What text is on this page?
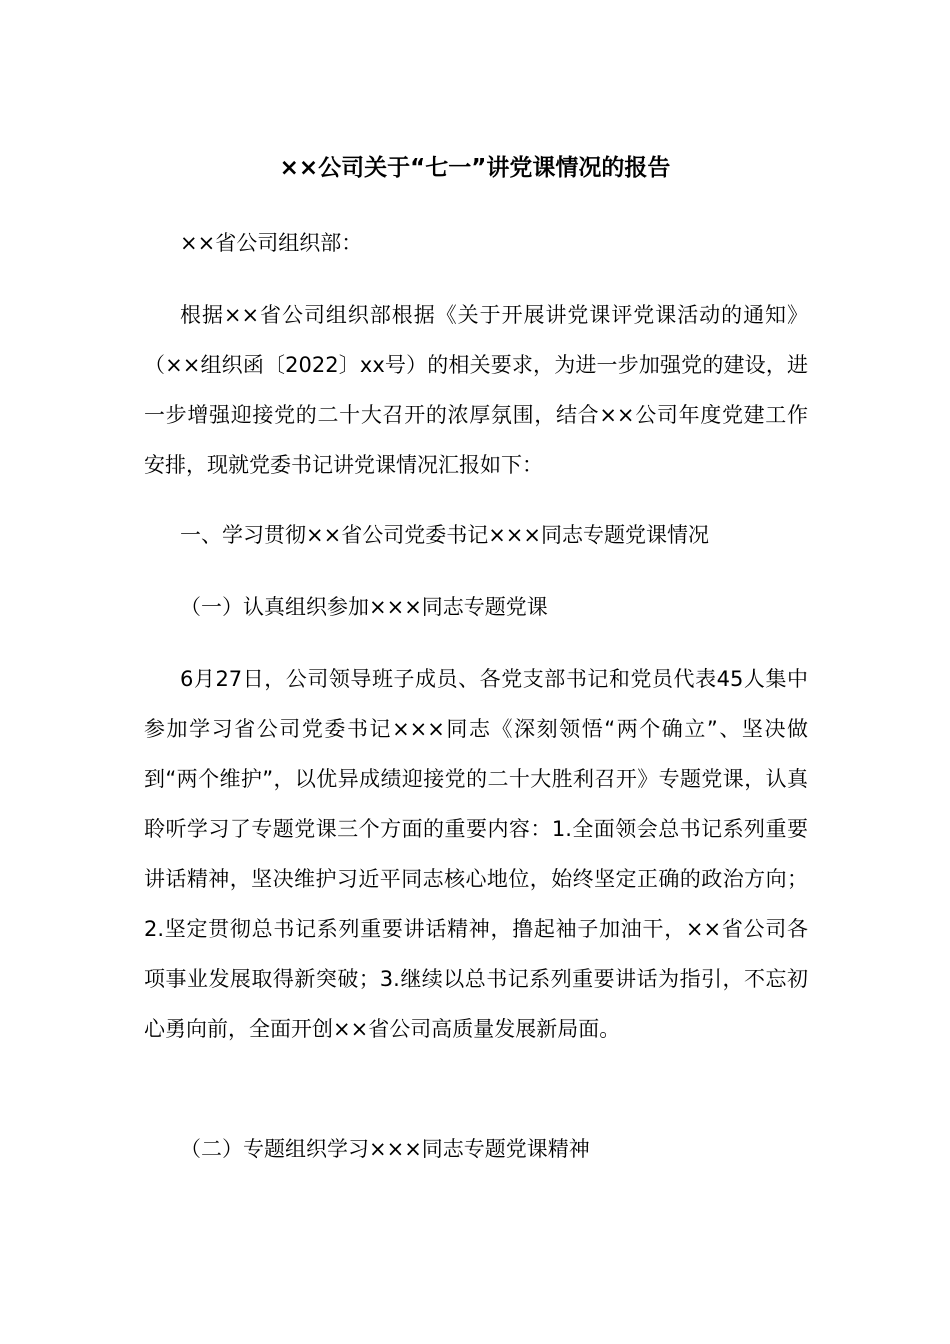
××公司关于“七一”讲党课情况的报告

××省公司组织部：

根据××省公司组织部根据《关于开展讲党课评党课活动的通知》（××组织函〔2022〕xx号）的相关要求，为进一步加强党的建设，进一步增强迎接党的二十大召开的浓厚氛围，结合××公司年度党建工作安排，现就党委书记讲党课情况汇报如下：

一、学习贯彻××省公司党委书记×××同志专题党课情况

（一）认真组织参加×××同志专题党课

6月27日，公司领导班子成员、各党支部书记和党员代表45人集中参加学习省公司党委书记×××同志《深刻领悟“两个确立”、坚决做到“两个维护”，以优异成绩迎接党的二十大胜利召开》专题党课，认真聆听学习了专题党课三个方面的重要内容：1.全面领会总书记系列重要讲话精神，坚决维护习近平同志核心地位，始终坚定正确的政治方向；2.坚定贯彻总书记系列重要讲话精神，撸起袖子加油干，××省公司各项事业发展取得新突破；3.继续以总书记系列重要讲话为指引，不忘初心勇向前，全面开创××省公司高质量发展新局面。

（二）专题组织学习×××同志专题党课精神
